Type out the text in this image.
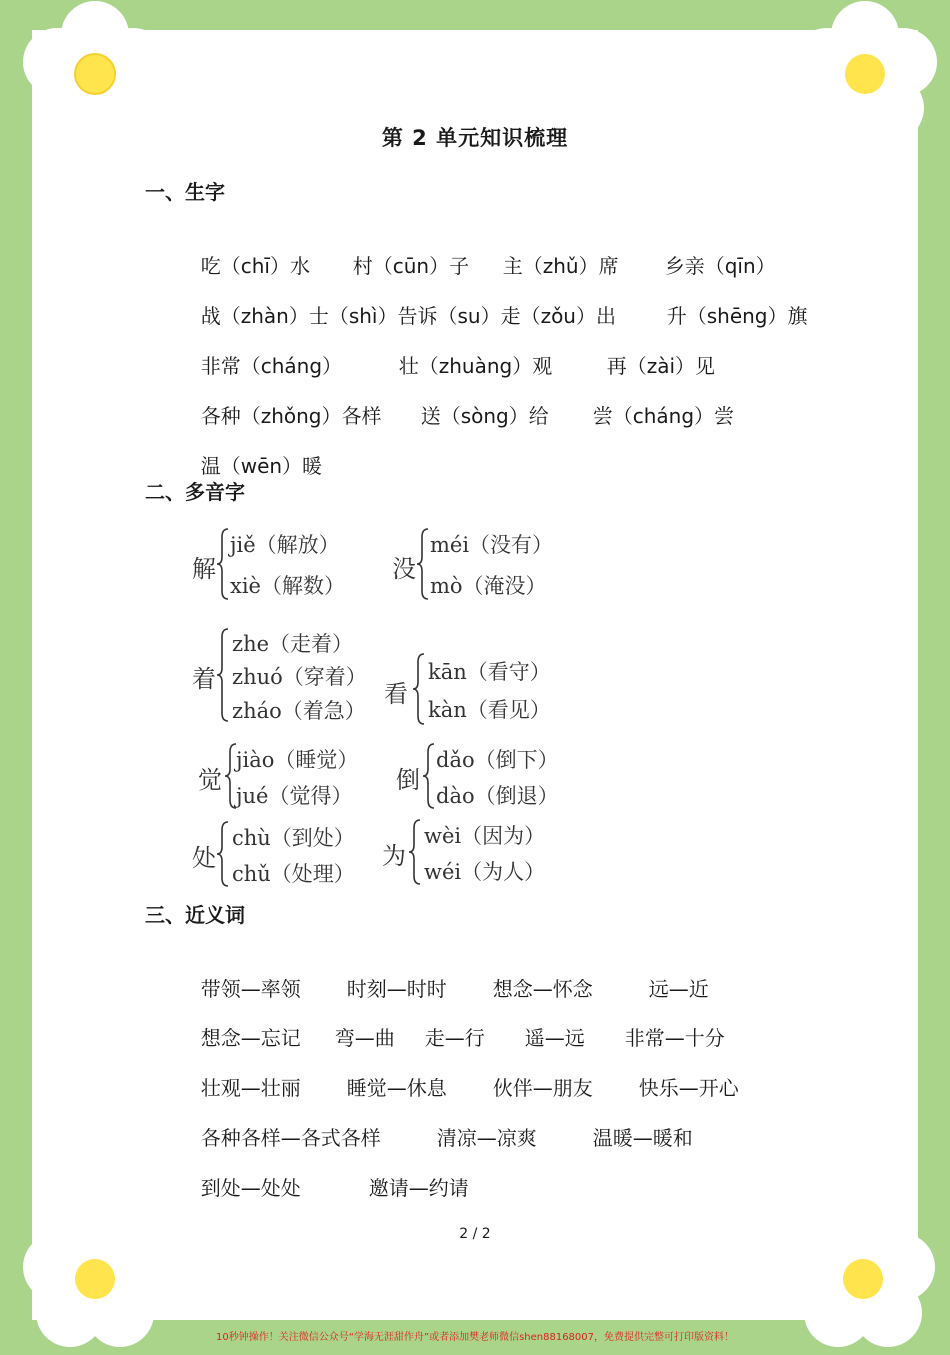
第 2 单元知识梳理
一、生字

吃（chī）水 村（cūn）子 主（zhǔ）席 乡亲（qīn）

战（zhàn）士（shì）告诉（su）走（zǒu）出	升（shēng）旗

非常（cháng）	壮（zhuàng）观	再（zài）见

各种（zhǒng）各样 送（sòng）给 尝（cháng）尝

温（wēn）暖

二、多音字
解
jiě（解放）
xiè（解数）
没
méi（没有）
mò（淹没）
着
zhe（走着）
zhuó（穿着）
zháo（着急）
看
kān（看守）
kàn（看见）
觉
jiào（睡觉）
jué（觉得）
倒
dǎo（倒下）
dào（倒退）
处
chù（到处）
chǔ（处理）
为
wèi（因为）
wéi（为人）
三、近义词

带领—率领 时刻—时时 想念—怀念	远—近

想念—忘记 弯—曲 走—行 遥—远 非常—十分

壮观—壮丽 睡觉—休息 伙伴—朋友 快乐—开心

各种各样—各式各样	清凉—凉爽	温暖—暖和

到处—处处	邀请—约请

2 / 2
10秒钟操作！关注微信公众号“学海无涯甜作舟”或者添加樊老师微信shen88168007，免费提供完整可打印版资料！
